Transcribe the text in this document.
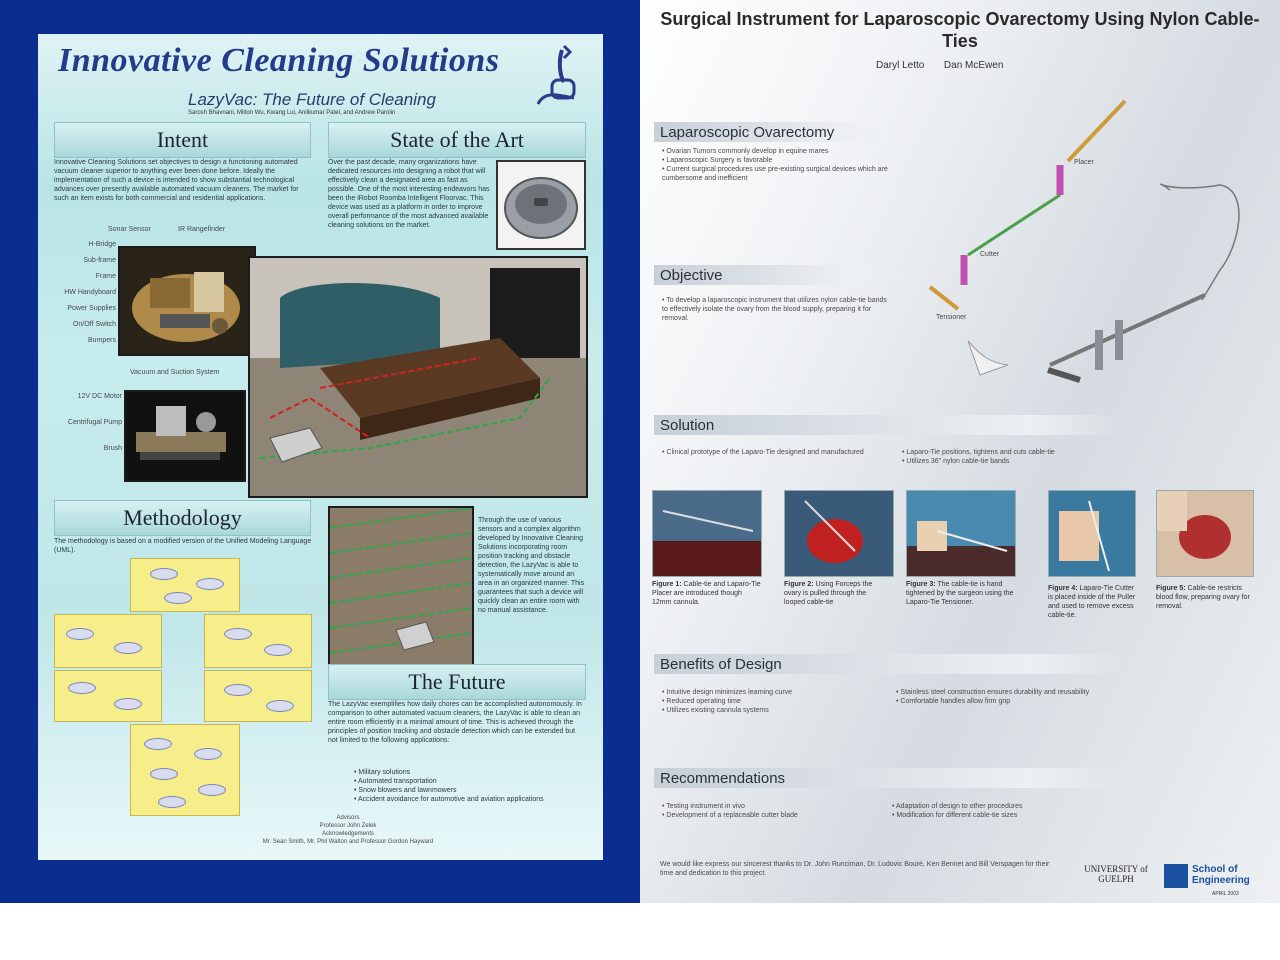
Innovative Cleaning Solutions
LazyVac: The Future of Cleaning
Sarosh Bhavnani, Milton Wu, Kwang Lui, Anilkumar Patel, and Andrew Parolin
Intent

Innovative Cleaning Solutions set objectives to design a functioning automated vacuum cleaner superior to anything ever been done before. Ideally the implementation of such a device is intended to show substantial technological advances over presently available automated vacuum cleaners. The market for such an item exists for both commercial and residential applications.

State of the Art

Over the past decade, many organizations have dedicated resources into designing a robot that will effectively clean a designated area as fast as possible. One of the most interesting endeavors has been the iRobot Roomba Intelligent Floorvac. This device was used as a platform in order to improve overall performance of the most advanced available cleaning solutions on the market.

Sonar Sensor	IR Rangefinder
H-Bridge
Sub-frame
Frame
HW Handyboard
Power Supplies
On/Off Switch
Bumpers
Vacuum and Suction System
12V DC Motor
Centrifugal Pump
Brush
Methodology

The methodology is based on a modified version of the Unified Modeling Language (UML).

Through the use of various sensors and a complex algorithm developed by Innovative Cleaning Solutions incorporating room position tracking and obstacle detection, the LazyVac is able to systematically move around an area in an organized manner. This guarantees that such a device will quickly clean an entire room with no manual assistance.

The Future

The LazyVac exemplifies how daily chores can be accomplished autonomously. In comparison to other automated vacuum cleaners, the LazyVac is able to clean an entire room efficiently in a minimal amount of time. This is achieved through the principles of position tracking and obstacle detection which can be extended but not limited to the following applications:

• Military solutions
• Automated transportation
• Snow blowers and lawnmowers
• Accident avoidance for automotive and aviation applications
Advisors
Professor John Zelek
Acknowledgements
Mr. Sean Smith, Mr. Phil Walton and Professor Gordon Hayward
Surgical Instrument for Laparoscopic Ovarectomy Using Nylon Cable-Ties
Daryl Letto Dan McEwen
Laparoscopic Ovarectomy
• Ovarian Tumors commonly develop in equine mares
• Laparoscopic Surgery is favorable
• Current surgical procedures use pre-existing surgical devices which are cumbersome and inefficient
Objective
• To develop a laparoscopic instrument that utilizes nylon cable-tie bands to effectively isolate the ovary from the blood supply, preparing it for removal.
Placer
Cutter
Tensioner
Solution
• Clinical prototype of the Laparo-Tie designed and manufactured	• Laparo-Tie positions, tightens and cuts cable-tie
• Utilizes 36" nylon cable-tie bands
Figure 1: Cable-tie and Laparo-Tie Placer are introduced though 12mm cannula.
Figure 2: Using Forceps the ovary is pulled through the looped cable-tie
Figure 3: The cable-tie is hand tightened by the surgeon using the Laparo-Tie Tensioner.
Figure 4: Laparo-Tie Cutter is placed inside of the Puller and used to remove excess cable-tie.
Figure 5: Cable-tie restricts blood flow, preparing ovary for removal.
Benefits of Design
• Intuitive design minimizes learning curve
• Reduced operating time
• Utilizes existing cannula systems
• Stainless steel construction ensures durability and reusability
• Comfortable handles allow firm grip
Recommendations
• Testing instrument in vivo
• Development of a replaceable cutter blade
• Adaptation of design to other procedures
• Modification for different cable-tie sizes

We would like express our sincerest thanks to Dr. John Runciman, Dr. Ludovic Bouré, Ken Bennet and Bill Verspagen for their time and dedication to this project.	UNIVERSITY of GUELPH
School of Engineering
APRIL 2003
